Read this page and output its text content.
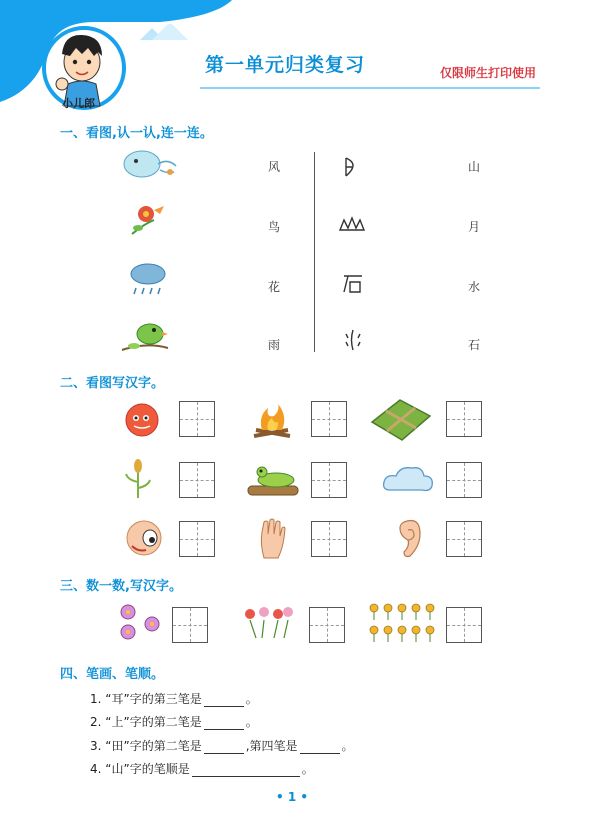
小儿郎
第一单元归类复习	仅限师生打印使用
一、看图,认一认,连一连。
风
鸟
花
雨
山
月
水
石
二、看图写汉字。
三、数一数,写汉字。
四、笔画、笔顺。
1. “耳”字的第三笔是	。
2. “上”字的第二笔是	。
3. “田”字的第二笔是	,第四笔是	。
4. “山”字的笔顺是	。
• 1 •
